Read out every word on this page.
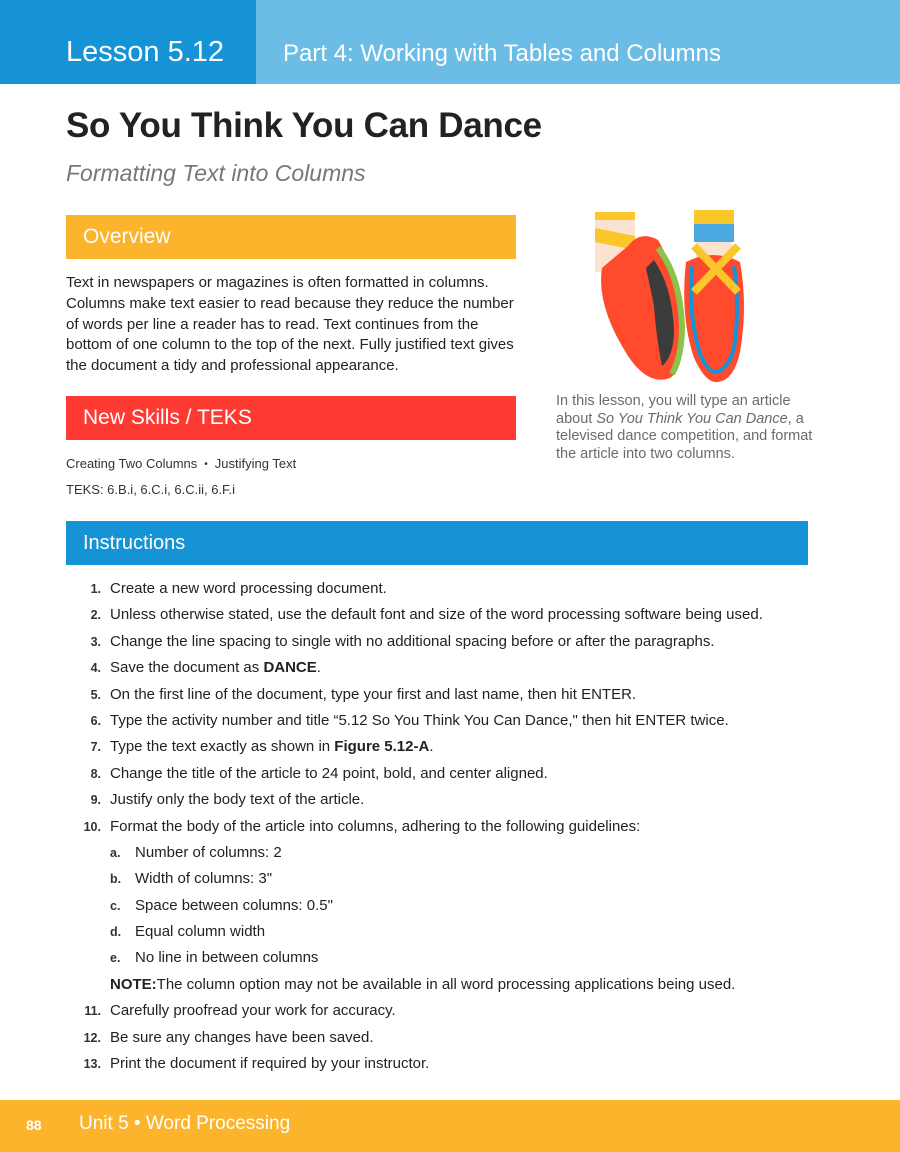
Lesson 5.12	Part 4: Working with Tables and Columns
So You Think You Can Dance
Formatting Text into Columns
Overview
Text in newspapers or magazines is often formatted in columns. Columns make text easier to read because they reduce the number of words per line a reader has to read. Text continues from the bottom of one column to the top of the next. Fully justified text gives the document a tidy and professional appearance.
New Skills / TEKS
Creating Two Columns • Justifying Text
TEKS: 6.B.i, 6.C.i, 6.C.ii, 6.F.i
In this lesson, you will type an article about So You Think You Can Dance, a televised dance competition, and format the article into two columns.
Instructions
1. Create a new word processing document.
2. Unless otherwise stated, use the default font and size of the word processing software being used.
3. Change the line spacing to single with no additional spacing before or after the paragraphs.
4. Save the document as DANCE.
5. On the first line of the document, type your first and last name, then hit ENTER.
6. Type the activity number and title “5.12 So You Think You Can Dance," then hit ENTER twice.
7. Type the text exactly as shown in Figure 5.12-A.
8. Change the title of the article to 24 point, bold, and center aligned.
9. Justify only the body text of the article.
10. Format the body of the article into columns, adhering to the following guidelines:
a. Number of columns: 2
b. Width of columns: 3"
c. Space between columns: 0.5"
d. Equal column width
e. No line in between columns
NOTE: The column option may not be available in all word processing applications being used.
11. Carefully proofread your work for accuracy.
12. Be sure any changes have been saved.
13. Print the document if required by your instructor.
88 Unit 5 • Word Processing
